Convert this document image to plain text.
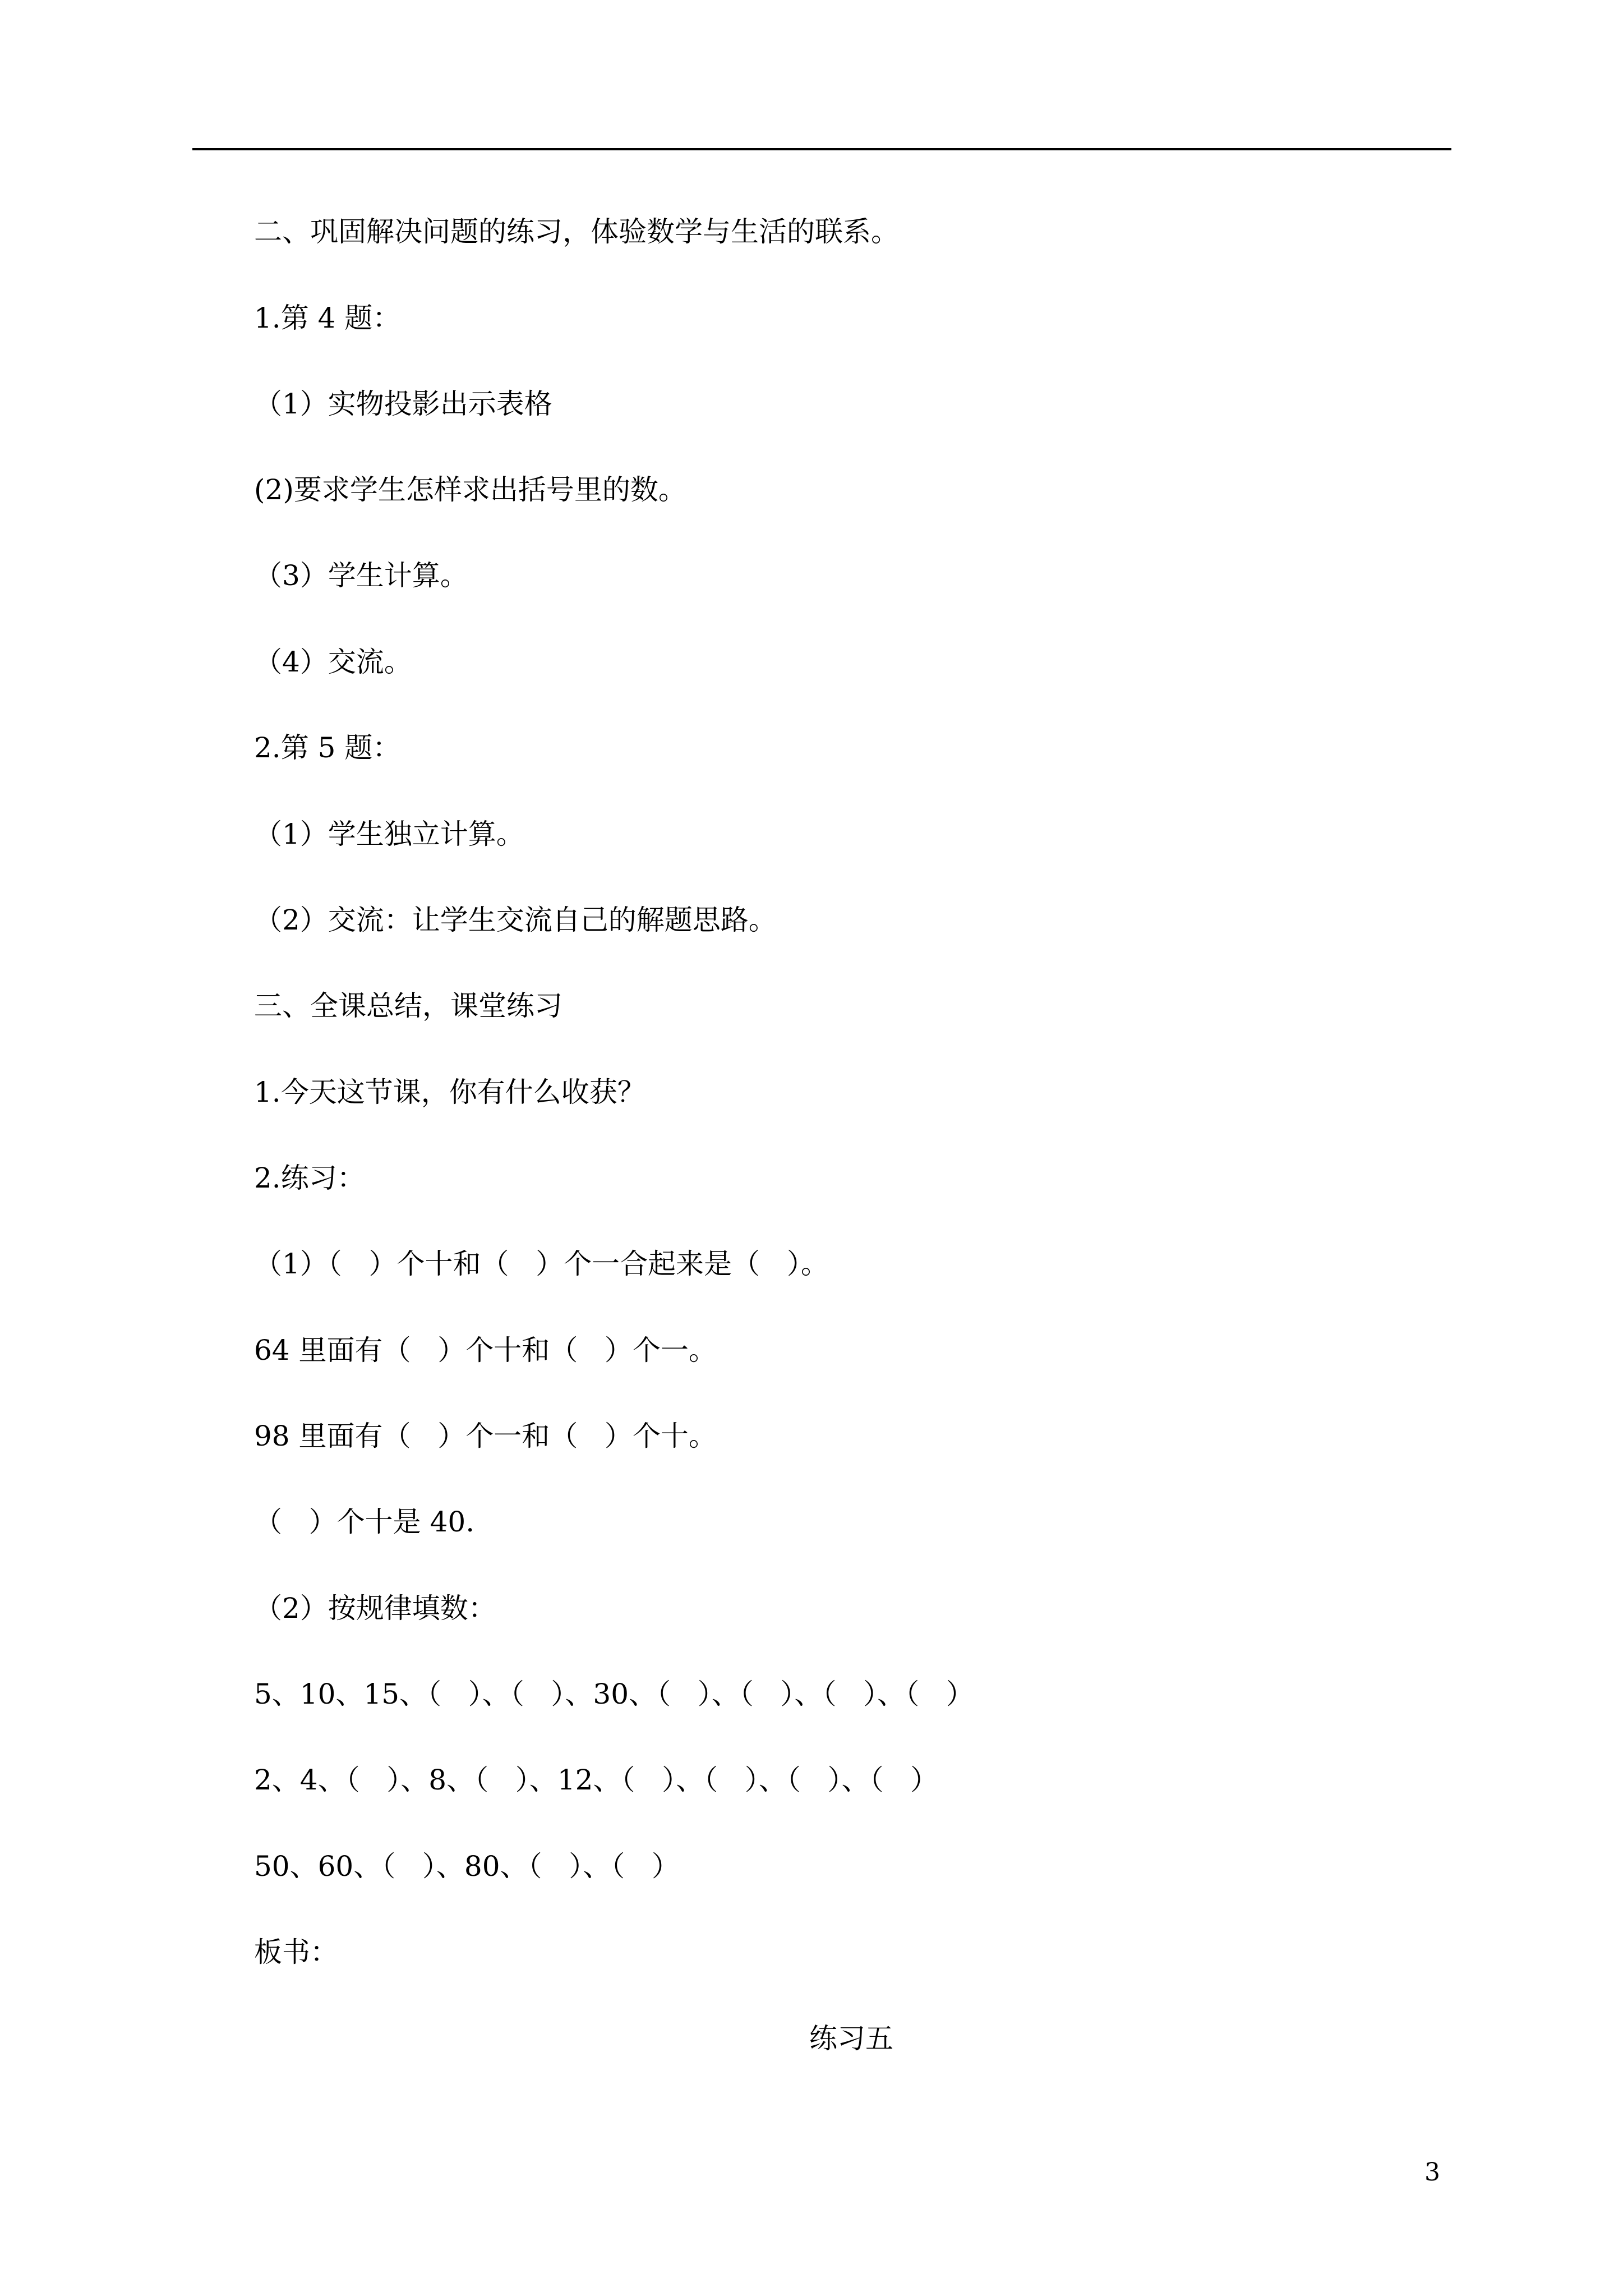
二、巩固解决问题的练习，体验数学与生活的联系。
1.第 4 题：
（1）实物投影出示表格
(2)要求学生怎样求出括号里的数。
（3）学生计算。
（4）交流。
2.第 5 题：
（1）学生独立计算。
（2）交流：让学生交流自己的解题思路。
三、全课总结，课堂练习
1.今天这节课，你有什么收获？
2.练习：
（1）（   ）个十和（   ）个一合起来是（   ）。
64 里面有（   ）个十和（   ）个一。
98 里面有（   ）个一和（   ）个十。
（   ）个十是 40.
（2）按规律填数：
5、10、15、（   ）、（   ）、30、（   ）、（   ）、（   ）、（   ）
2、4、（   ）、8、（   ）、12、（   ）、（   ）、（   ）、（   ）
50、60、（   ）、80、（   ）、（   ）
板书：
练习五
3
